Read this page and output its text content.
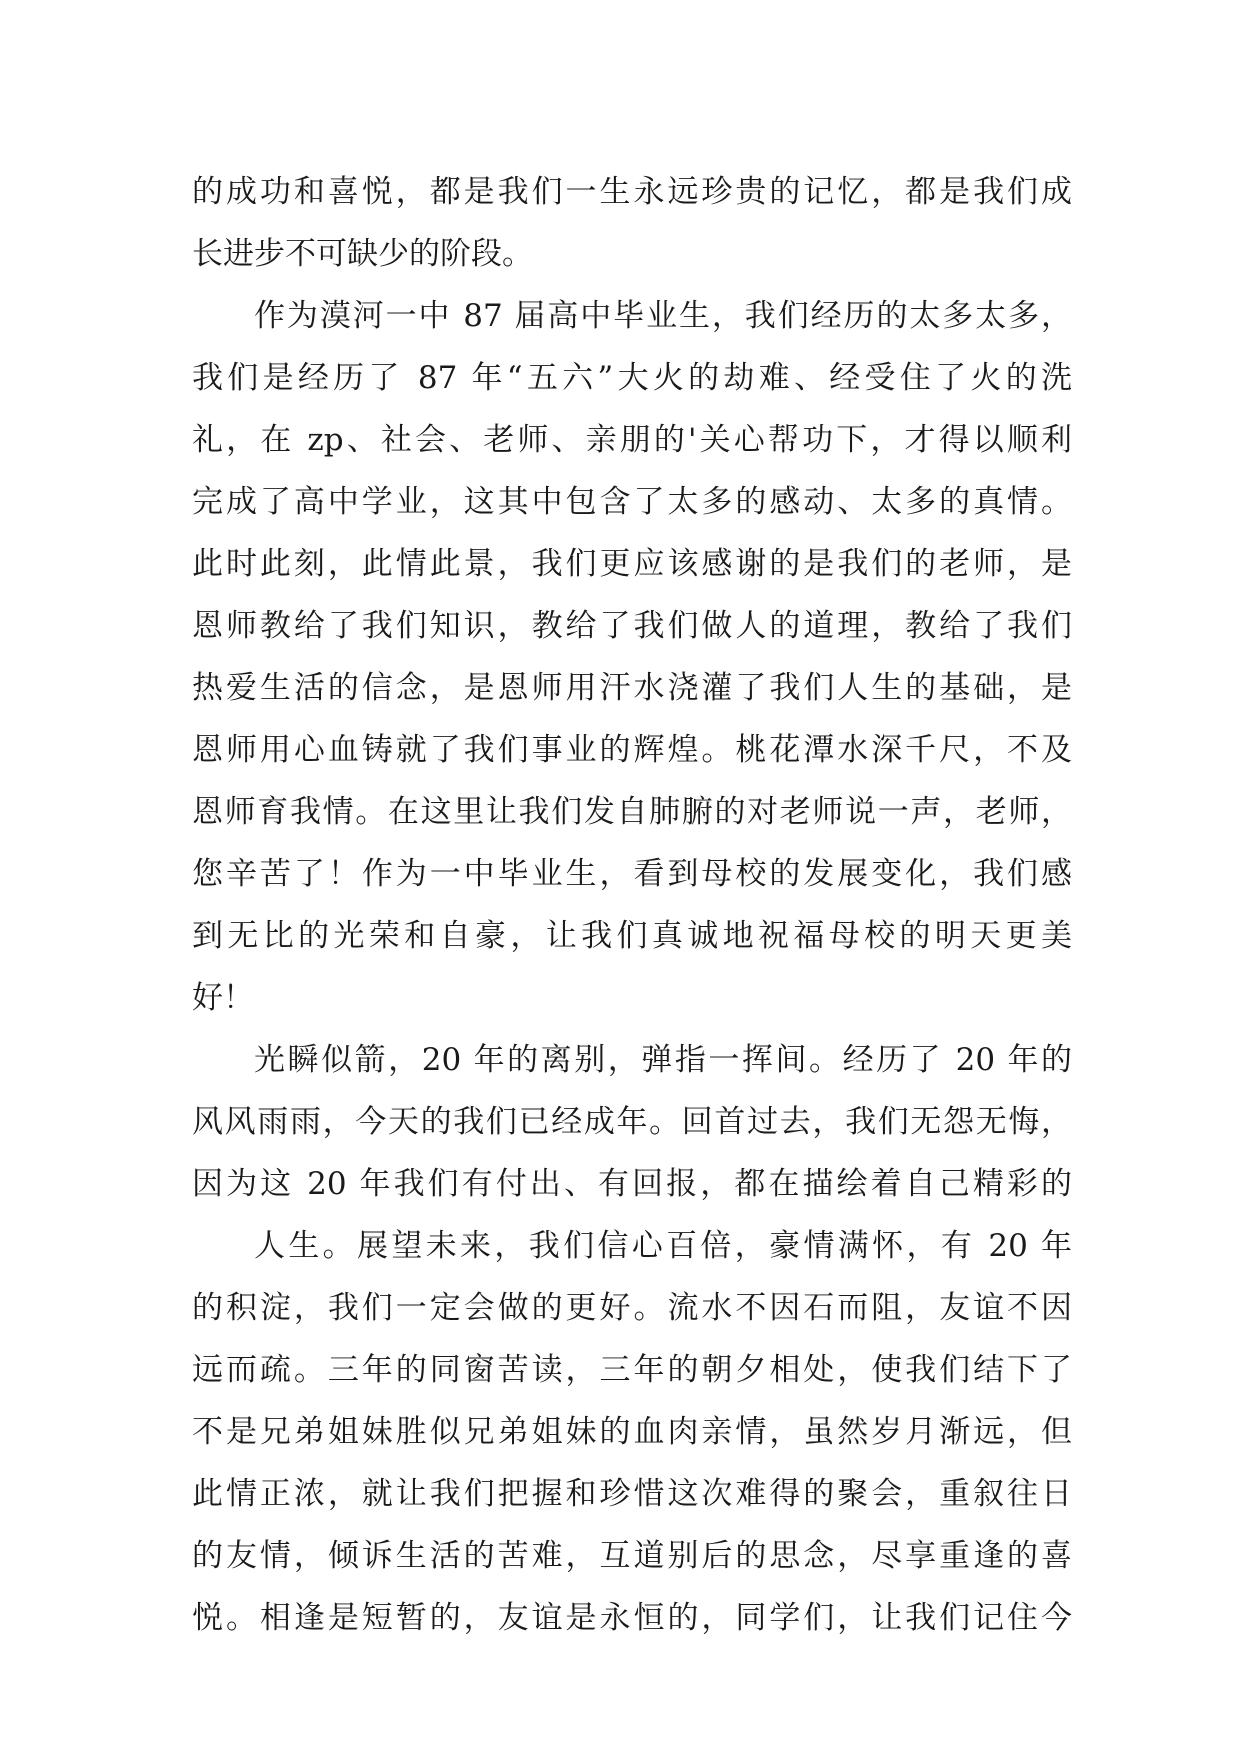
的成功和喜悦，都是我们一生永远珍贵的记忆，都是我们成
长进步不可缺少的阶段。
作为漠河一中 87 届高中毕业生，我们经历的太多太多，
我们是经历了 87 年“五六”大火的劫难、经受住了火的洗
礼，在 zp、社会、老师、亲朋的'关心帮功下，才得以顺利
完成了高中学业，这其中包含了太多的感动、太多的真情。
此时此刻，此情此景，我们更应该感谢的是我们的老师，是
恩师教给了我们知识，教给了我们做人的道理，教给了我们
热爱生活的信念，是恩师用汗水浇灌了我们人生的基础，是
恩师用心血铸就了我们事业的辉煌。桃花潭水深千尺，不及
恩师育我情。在这里让我们发自肺腑的对老师说一声，老师，
您辛苦了！作为一中毕业生，看到母校的发展变化，我们感
到无比的光荣和自豪，让我们真诚地祝福母校的明天更美
好！
光瞬似箭，20 年的离别，弹指一挥间。经历了 20 年的
风风雨雨，今天的我们已经成年。回首过去，我们无怨无悔，
因为这 20 年我们有付出、有回报，都在描绘着自己精彩的
人生。展望未来，我们信心百倍，豪情满怀，有 20 年
的积淀，我们一定会做的更好。流水不因石而阻，友谊不因
远而疏。三年的同窗苦读，三年的朝夕相处，使我们结下了
不是兄弟姐妹胜似兄弟姐妹的血肉亲情，虽然岁月渐远，但
此情正浓，就让我们把握和珍惜这次难得的聚会，重叙往日
的友情，倾诉生活的苦难，互道别后的思念，尽享重逢的喜
悦。相逢是短暂的，友谊是永恒的，同学们，让我们记住今
